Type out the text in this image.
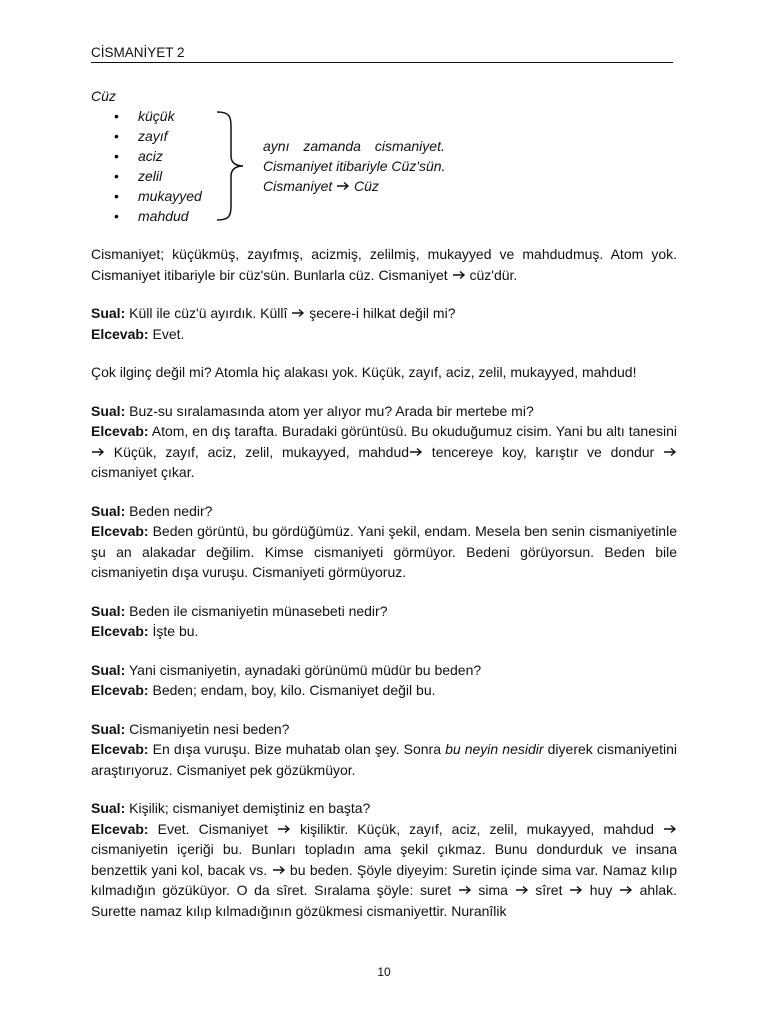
CİSMANİYET 2
Cüz
• küçük
• zayıf
• aciz
• zelil
• mukayyed
• mahdud
aynı zamanda cismaniyet.
Cismaniyet itibariyle Cüz'sün.
Cismaniyet Cüz

Cismaniyet; küçükmüş, zayıfmış, acizmiş, zelilmiş, mukayyed ve mahdudmuş. Atom yok. Cismaniyet itibariyle bir cüz'sün. Bunlarla cüz. Cismaniyet  cüz'dür.

Sual: Küll ile cüz'ü ayırdık. Küllî  şecere-i hilkat değil mi?
Elcevab: Evet.

Çok ilginç değil mi? Atomla hiç alakası yok. Küçük, zayıf, aciz, zelil, mukayyed, mahdud!

Sual: Buz-su sıralamasında atom yer alıyor mu? Arada bir mertebe mi?
Elcevab: Atom, en dış tarafta. Buradaki görüntüsü. Bu okuduğumuz cisim. Yani bu altı tanesini  Küçük, zayıf, aciz, zelil, mukayyed, mahdud tencereye koy, karıştır ve dondur  cismaniyet çıkar.

Sual: Beden nedir?
Elcevab: Beden görüntü, bu gördüğümüz. Yani şekil, endam. Mesela ben senin cismaniyetinle şu an alakadar değilim. Kimse cismaniyeti görmüyor. Bedeni görüyorsun. Beden bile cismaniyetin dışa vuruşu. Cismaniyeti görmüyoruz.

Sual: Beden ile cismaniyetin münasebeti nedir?
Elcevab: İşte bu.

Sual: Yani cismaniyetin, aynadaki görünümü müdür bu beden?
Elcevab: Beden; endam, boy, kilo. Cismaniyet değil bu.

Sual: Cismaniyetin nesi beden?
Elcevab: En dışa vuruşu. Bize muhatab olan şey. Sonra bu neyin nesidir diyerek cismaniyetini araştırıyoruz. Cismaniyet pek gözükmüyor.

Sual: Kişilik; cismaniyet demiştiniz en başta?
Elcevab: Evet. Cismaniyet  kişiliktir. Küçük, zayıf, aciz, zelil, mukayyed, mahdud  cismaniyetin içeriği bu. Bunları topladın ama şekil çıkmaz. Bunu dondurduk ve insana benzettik yani kol, bacak vs.  bu beden. Şöyle diyeyim: Suretin içinde sima var. Namaz kılıp kılmadığın gözüküyor. O da sîret. Sıralama şöyle: suret  sima  sîret  huy  ahlak. Surette namaz kılıp kılmadığının gözükmesi cismaniyettir. Nuranîlik

10
